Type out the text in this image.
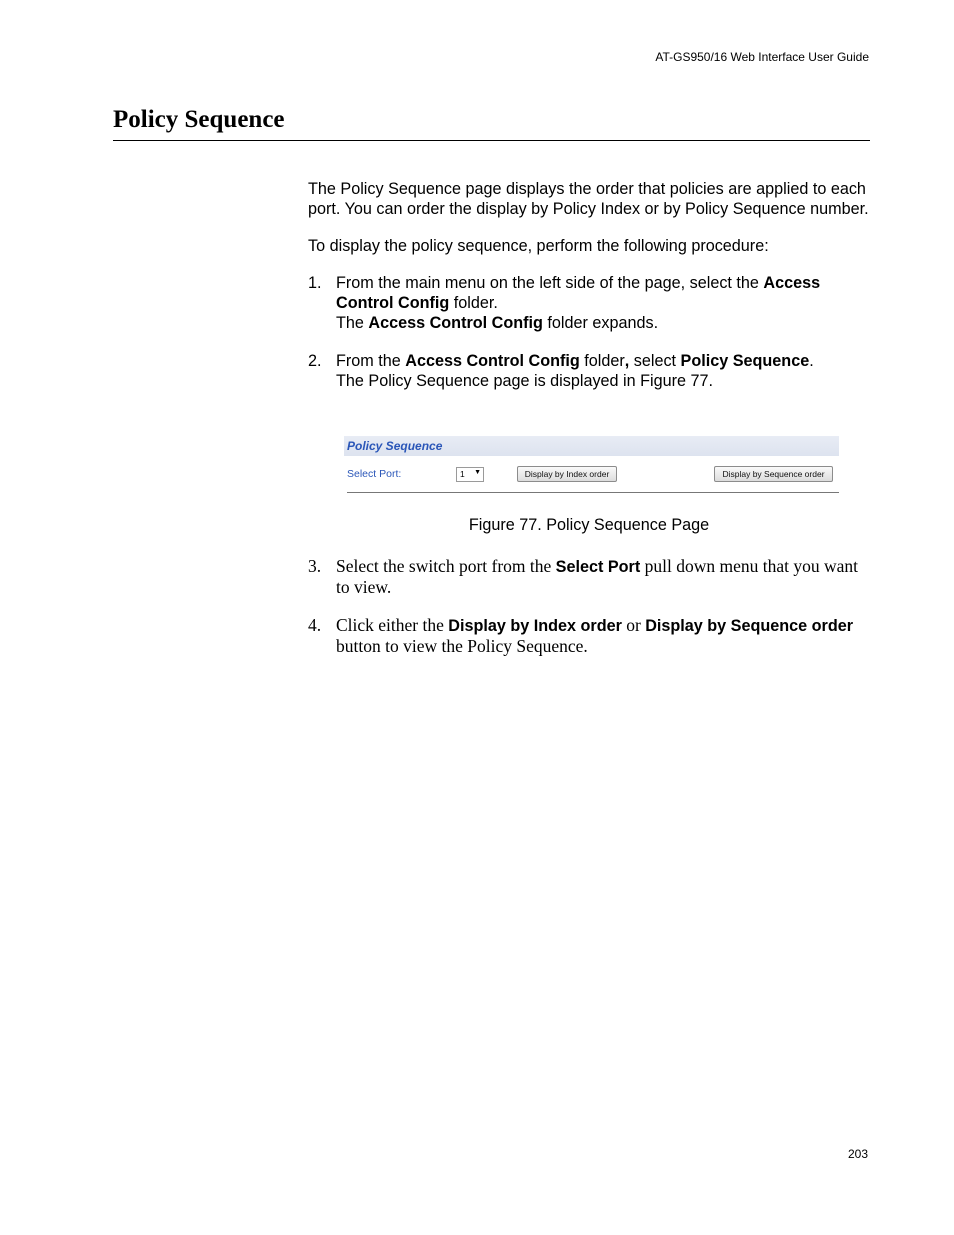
AT-GS950/16 Web Interface User Guide
Policy Sequence

The Policy Sequence page displays the order that policies are applied to each port. You can order the display by Policy Index or by Policy Sequence number.

To display the policy sequence, perform the following procedure:

1. From the main menu on the left side of the page, select the Access Control Config folder.
The Access Control Config folder expands.
2. From the Access Control Config folder, select Policy Sequence.
The Policy Sequence page is displayed in Figure 77.
Policy Sequence
Select Port:	1 ▼	Display by Index order	Display by Sequence order
Figure 77. Policy Sequence Page
3. Select the switch port from the Select Port pull down menu that you want to view.
4. Click either the Display by Index order or Display by Sequence order button to view the Policy Sequence.
203
